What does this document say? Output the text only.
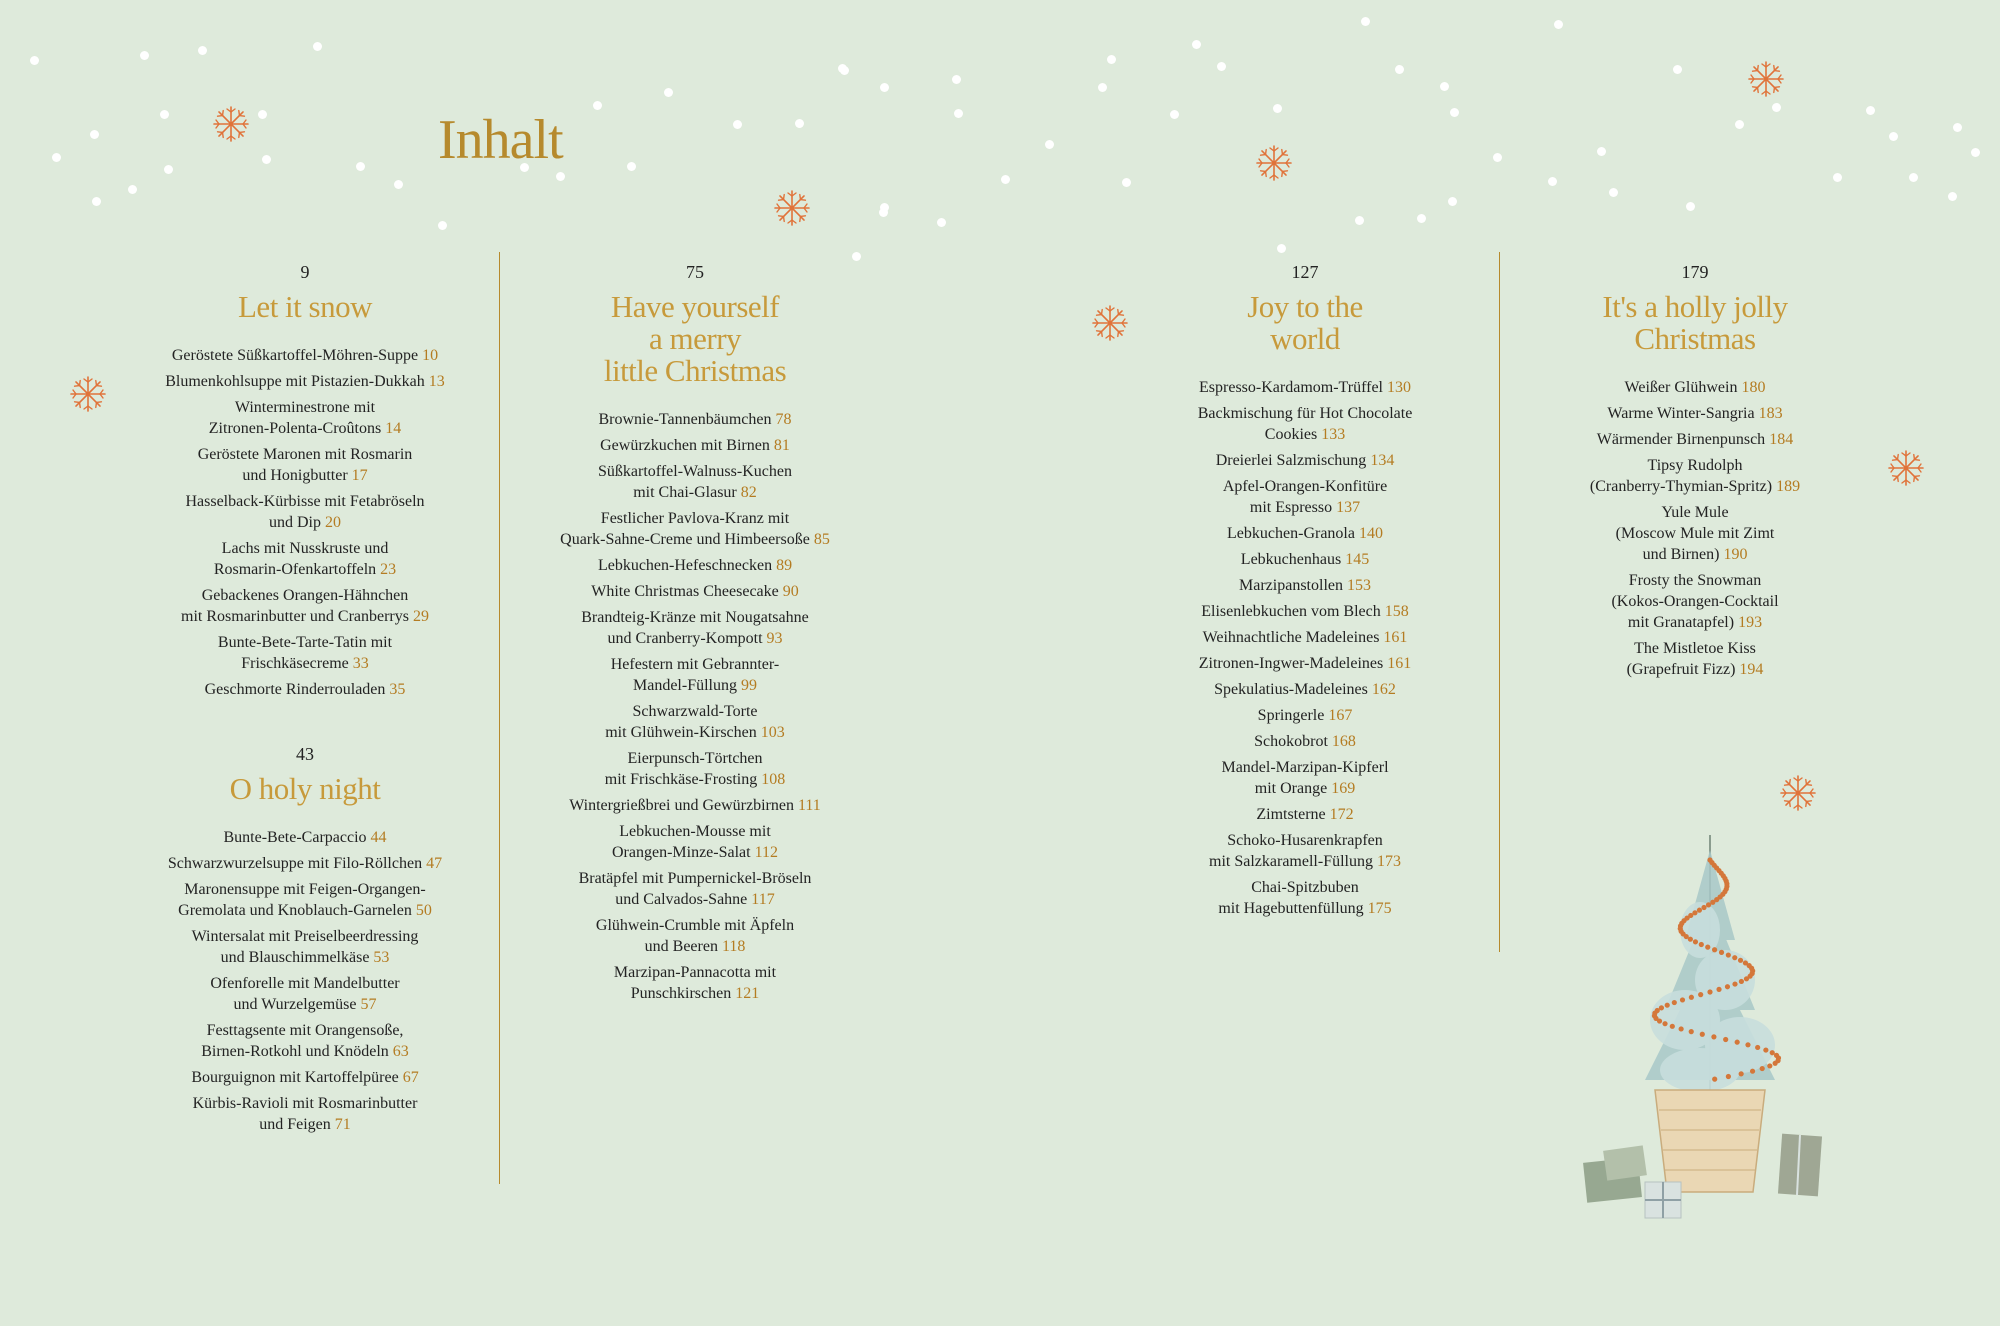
Inhalt
9
Let it snow
Geröstete Süßkartoffel-Möhren-Suppe 10
Blumenkohlsuppe mit Pistazien-Dukkah 13
Winterminestrone mit
Zitronen-Polenta-Croûtons 14
Geröstete Maronen mit Rosmarin
und Honigbutter 17
Hasselback-Kürbisse mit Fetabröseln
und Dip 20
Lachs mit Nusskruste und
Rosmarin-Ofenkartoffeln 23
Gebackenes Orangen-Hähnchen
mit Rosmarinbutter und Cranberrys 29
Bunte-Bete-Tarte-Tatin mit
Frischkäsecreme 33
Geschmorte Rinderrouladen 35
43
O holy night
Bunte-Bete-Carpaccio 44
Schwarzwurzelsuppe mit Filo-Röllchen 47
Maronensuppe mit Feigen-Organgen-
Gremolata und Knoblauch-Garnelen 50
Wintersalat mit Preiselbeerdressing
und Blauschimmelkäse 53
Ofenforelle mit Mandelbutter
und Wurzelgemüse 57
Festtagsente mit Orangensoße,
Birnen-Rotkohl und Knödeln 63
Bourguignon mit Kartoffelpüree 67
Kürbis-Ravioli mit Rosmarinbutter
und Feigen 71
75
Have yourself
a merry
little Christmas
Brownie-Tannenbäumchen 78
Gewürzkuchen mit Birnen 81
Süßkartoffel-Walnuss-Kuchen
mit Chai-Glasur 82
Festlicher Pavlova-Kranz mit
Quark-Sahne-Creme und Himbeersoße 85
Lebkuchen-Hefeschnecken 89
White Christmas Cheesecake 90
Brandteig-Kränze mit Nougatsahne
und Cranberry-Kompott 93
Hefestern mit Gebrannter-
Mandel-Füllung 99
Schwarzwald-Torte
mit Glühwein-Kirschen 103
Eierpunsch-Törtchen
mit Frischkäse-Frosting 108
Wintergrießbrei und Gewürzbirnen 111
Lebkuchen-Mousse mit
Orangen-Minze-Salat 112
Bratäpfel mit Pumpernickel-Bröseln
und Calvados-Sahne 117
Glühwein-Crumble mit Äpfeln
und Beeren 118
Marzipan-Pannacotta mit
Punschkirschen 121
127
Joy to the
world
Espresso-Kardamom-Trüffel 130
Backmischung für Hot Chocolate
Cookies 133
Dreierlei Salzmischung 134
Apfel-Orangen-Konfitüre
mit Espresso 137
Lebkuchen-Granola 140
Lebkuchenhaus 145
Marzipanstollen 153
Elisenlebkuchen vom Blech 158
Weihnachtliche Madeleines 161
Zitronen-Ingwer-Madeleines 161
Spekulatius-Madeleines 162
Springerle 167
Schokobrot 168
Mandel-Marzipan-Kipferl
mit Orange 169
Zimtsterne 172
Schoko-Husarenkrapfen
mit Salzkaramell-Füllung 173
Chai-Spitzbuben
mit Hagebuttenfüllung 175
179
It's a holly jolly
Christmas
Weißer Glühwein 180
Warme Winter-Sangria 183
Wärmender Birnenpunsch 184
Tipsy Rudolph
(Cranberry-Thymian-Spritz) 189
Yule Mule
(Moscow Mule mit Zimt
und Birnen) 190
Frosty the Snowman
(Kokos-Orangen-Cocktail
mit Granatapfel) 193
The Mistletoe Kiss
(Grapefruit Fizz) 194
